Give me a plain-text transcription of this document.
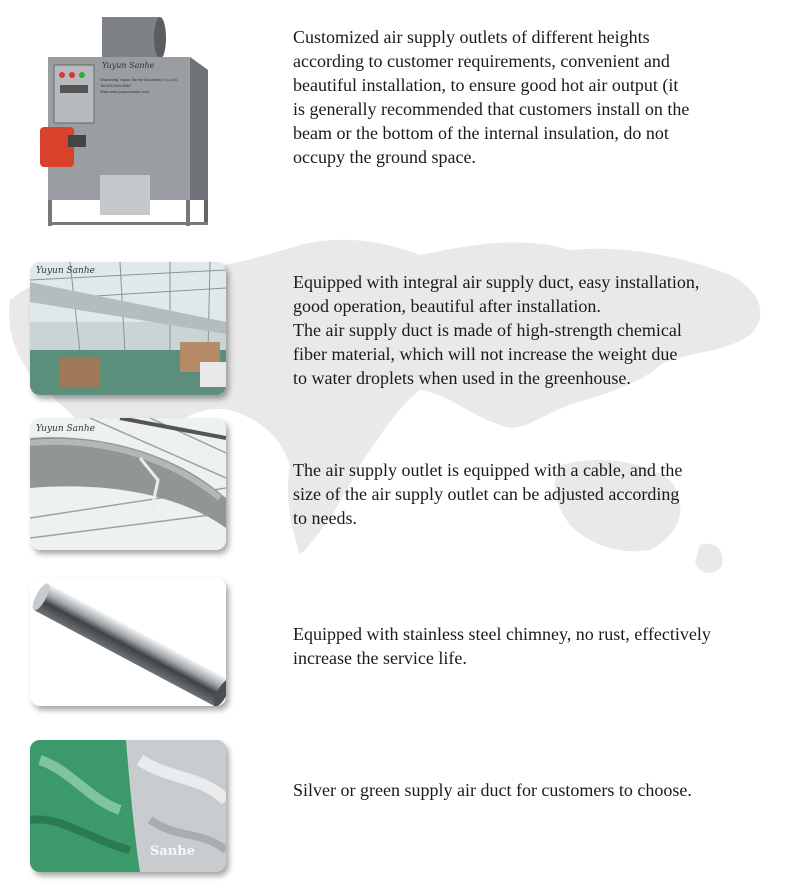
Yuyun Sanhe
Shandong Yuyun Sanhe Machinery Co.,Ltd.
Tel:400-660-6967
Web:www.yuyunsanhe.com
Customized air supply outlets of different heights
according to customer requirements, convenient and
beautiful installation, to ensure good hot air output (it
is generally recommended that customers install on the
beam or the bottom of the internal insulation, do not
occupy the ground space.
Yuyun Sanhe
Equipped with integral air supply duct, easy installation,
good operation, beautiful after installation.
The air supply duct is made of high-strength chemical
fiber material, which will not increase the weight due
to water droplets when used in the greenhouse.
Yuyun Sanhe
The air supply outlet is equipped with a cable, and the
size of the air supply outlet can be adjusted according
to needs.
Equipped with stainless steel chimney, no rust, effectively
increase the service life.
Sanhe
Silver or green supply air duct for customers to choose.
